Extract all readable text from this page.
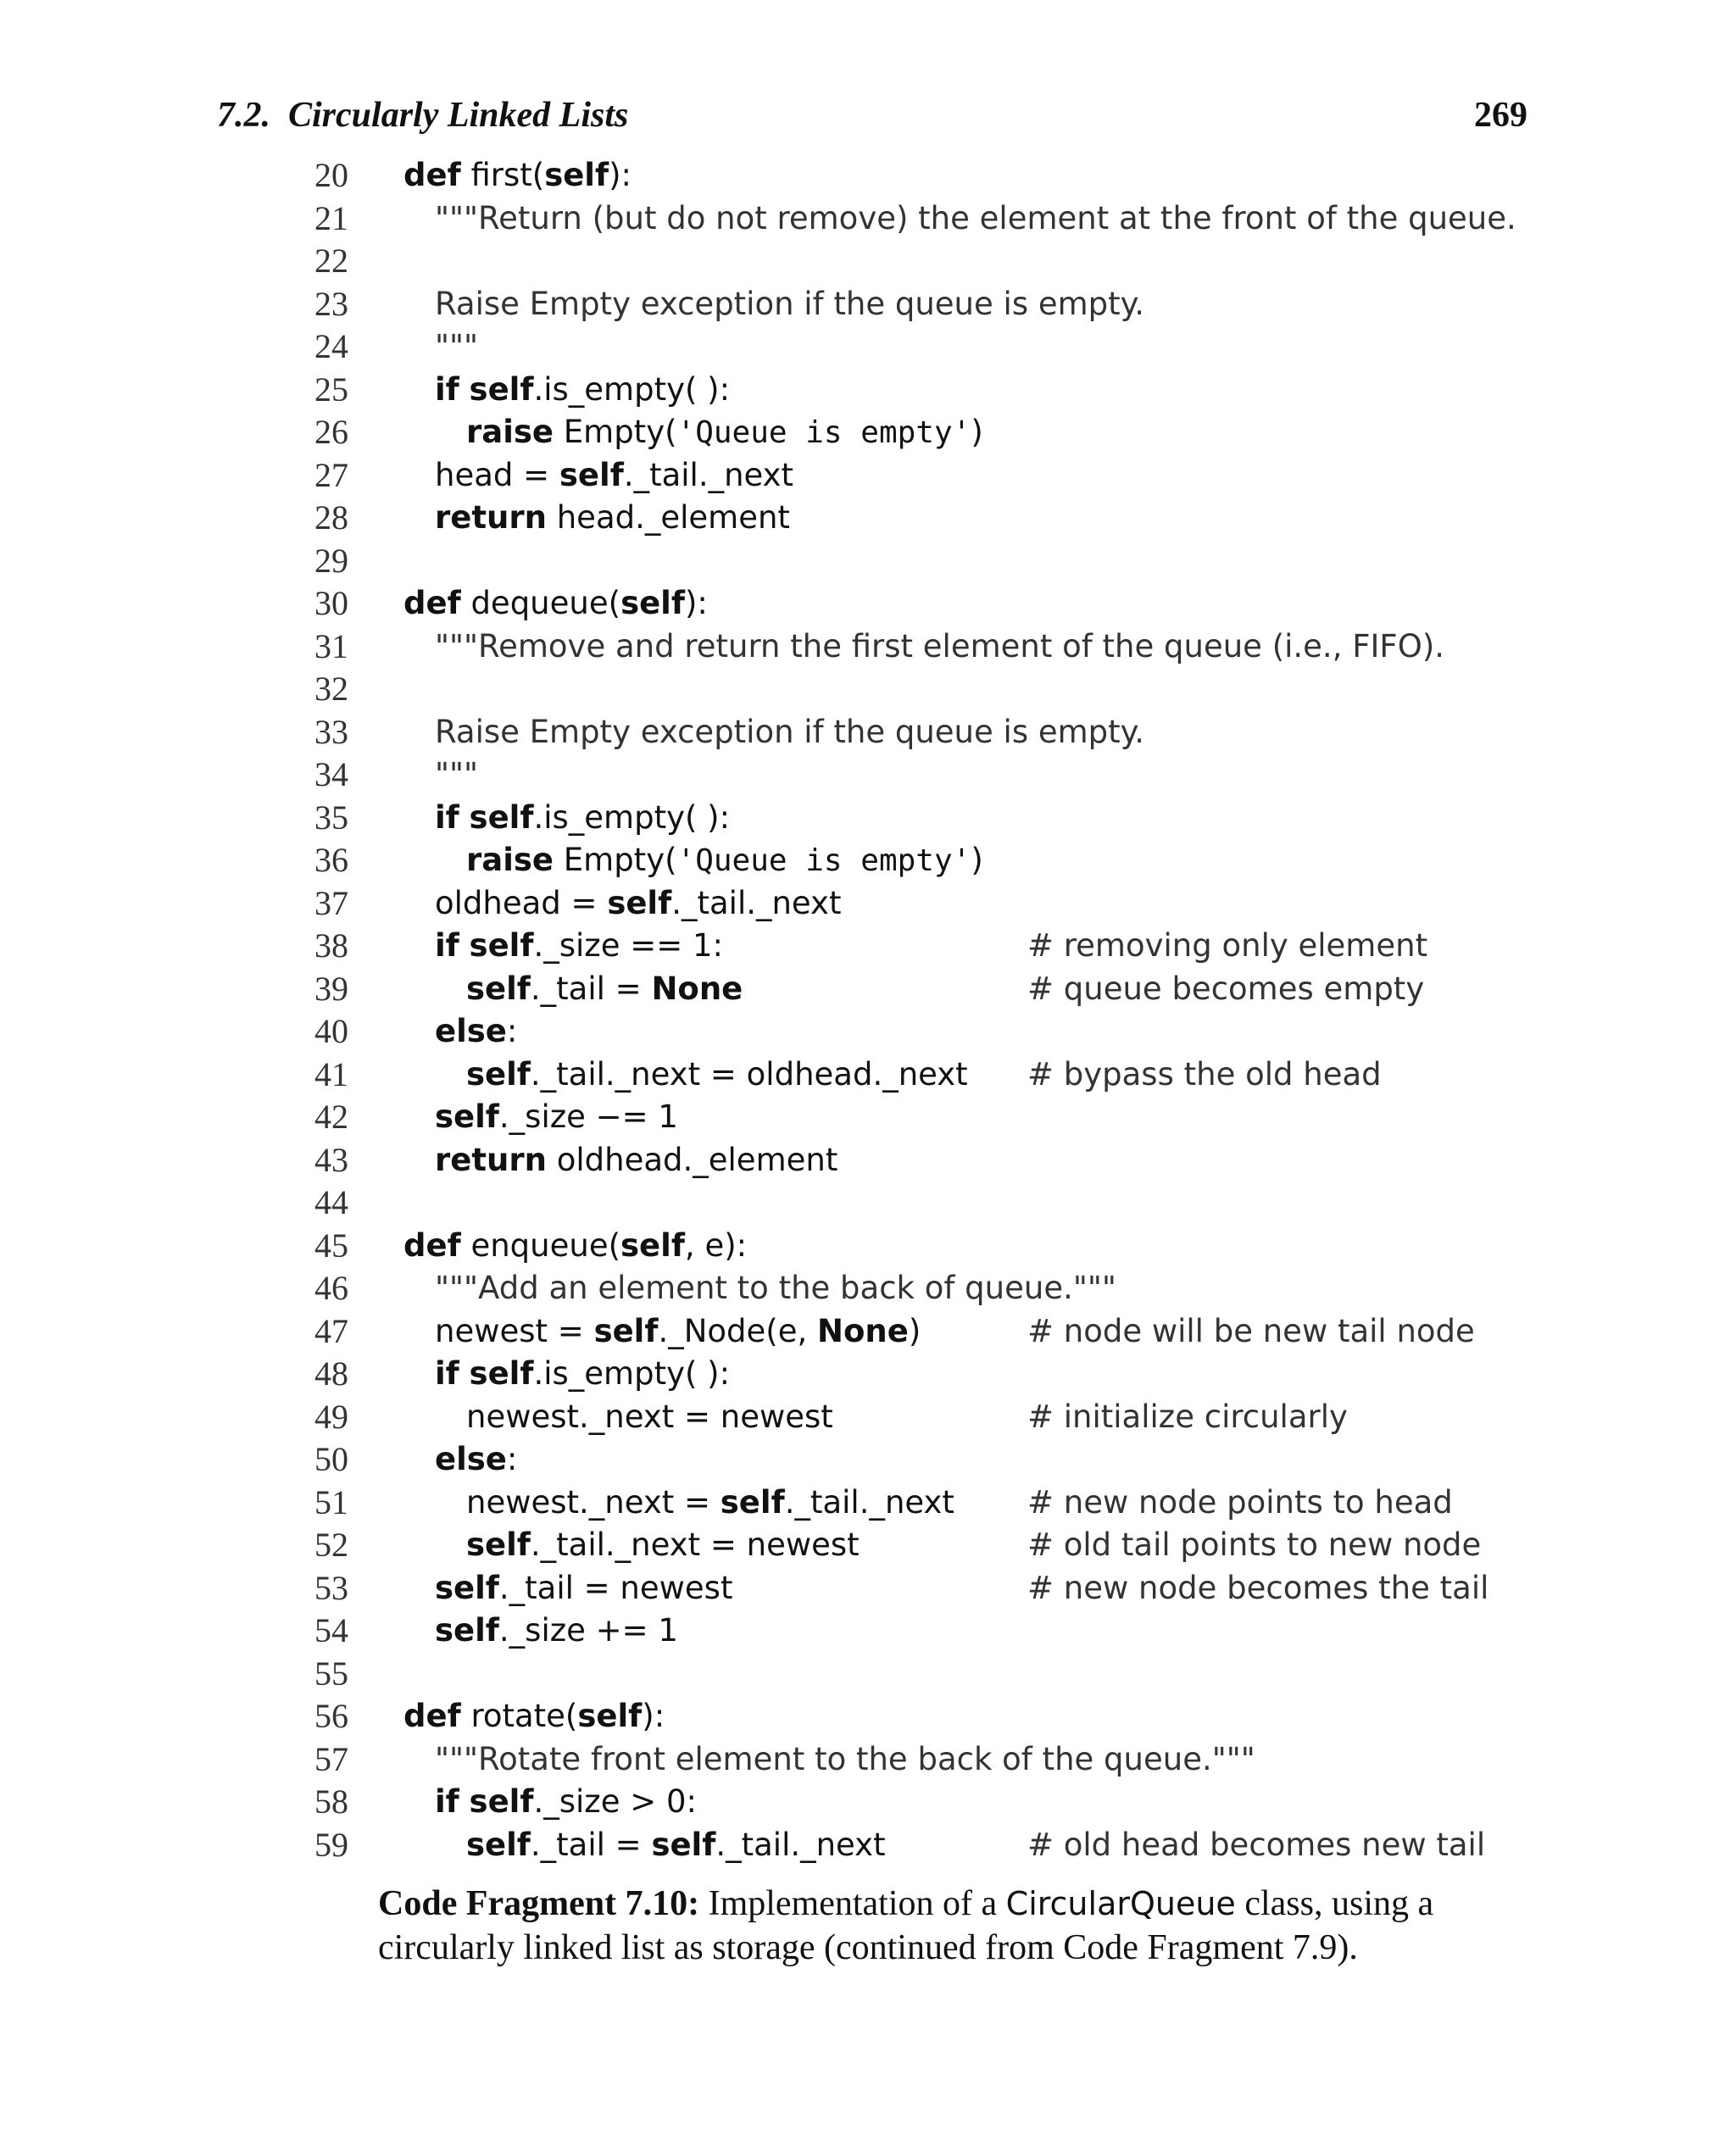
7.2.  Circularly Linked Lists	269
20 def first(self):
21	"""Return (but do not remove) the element at the front of the queue.
22
23	Raise Empty exception if the queue is empty.
24	"""
25	if self.is_empty( ):
26	raise Empty('Queue is empty')
27	head = self._tail._next
28	return head._element
29
30 def dequeue(self):
31	"""Remove and return the first element of the queue (i.e., FIFO).
32
33	Raise Empty exception if the queue is empty.
34	"""
35	if self.is_empty( ):
36	raise Empty('Queue is empty')
37	oldhead = self._tail._next
38	if self._size == 1:	# removing only element
39	self._tail = None	# queue becomes empty
40	else:
41	self._tail._next = oldhead._next # bypass the old head
42	self._size −= 1
43	return oldhead._element
44
45 def enqueue(self, e):
46	"""Add an element to the back of queue."""
47	newest = self._Node(e, None)	# node will be new tail node
48	if self.is_empty( ):
49	newest._next = newest	# initialize circularly
50	else:
51	newest._next = self._tail._next # new node points to head
52	self._tail._next = newest	# old tail points to new node
53	self._tail = newest	# new node becomes the tail
54	self._size += 1
55
56 def rotate(self):
57	"""Rotate front element to the back of the queue."""
58	if self._size > 0:
59	self._tail = self._tail._next	# old head becomes new tail
Code Fragment 7.10: Implementation of a CircularQueue class, using a circularly linked list as storage (continued from Code Fragment 7.9).
